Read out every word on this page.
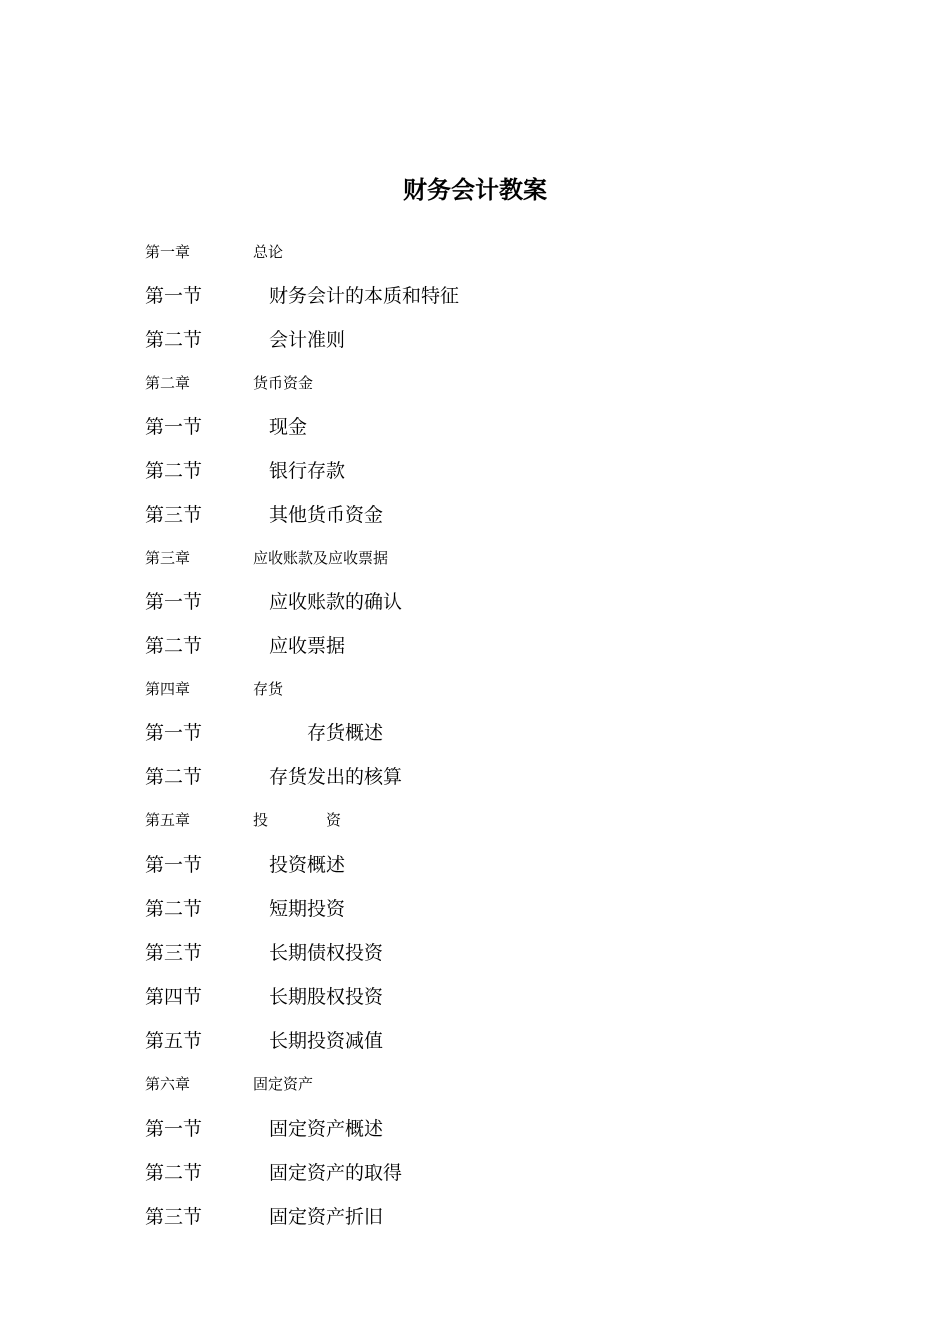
财务会计教案
第一章	总论
第一节	财务会计的本质和特征
第二节	会计准则
第二章	货币资金
第一节	现金
第二节	银行存款
第三节	其他货币资金
第三章	应收账款及应收票据
第一节	应收账款的确认
第二节	应收票据
第四章	存货
第一节	存货概述
第二节	存货发出的核算
第五章	投	资
第一节	投资概述
第二节	短期投资
第三节	长期债权投资
第四节	长期股权投资
第五节	长期投资减值
第六章	固定资产
第一节	固定资产概述
第二节	固定资产的取得
第三节	固定资产折旧
